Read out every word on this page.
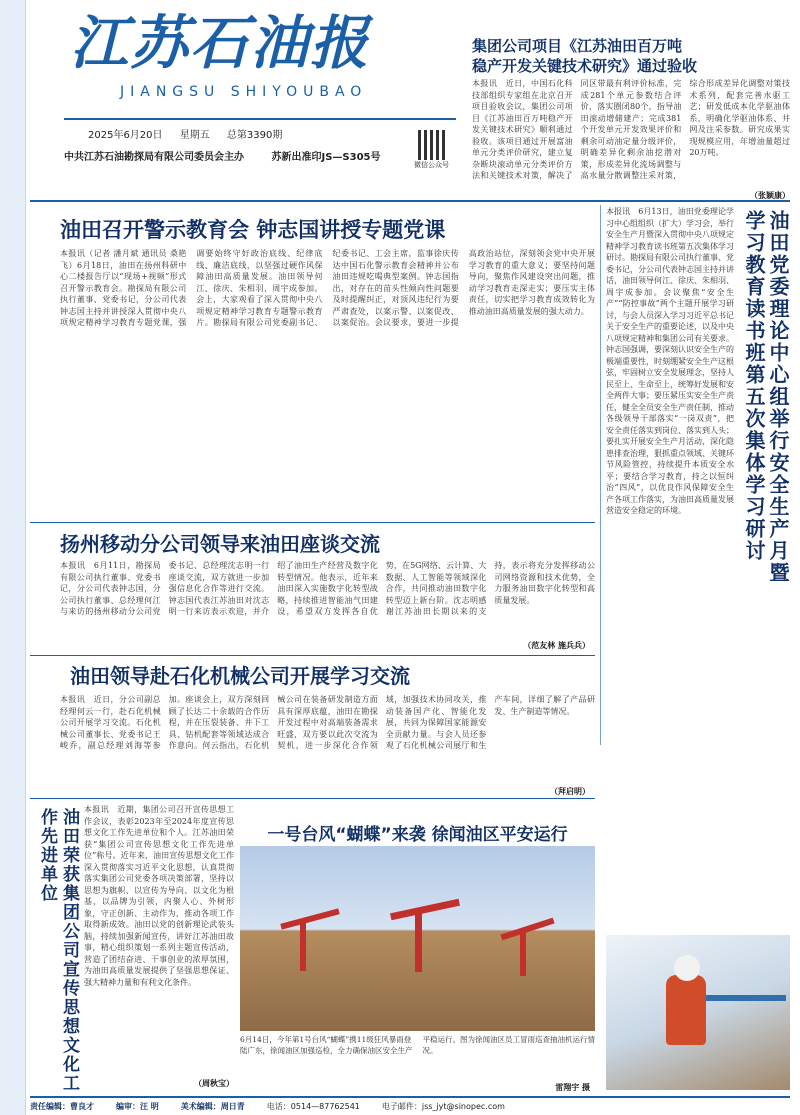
江苏石油报
JIANGSU SHIYOUBAO
2025年6月20日 星期五 总第3390期
微信公众号
中共江苏石油勘探局有限公司委员会主办	苏新出准印JS—S305号
集团公司项目《江苏油田百万吨
稳产开发关键技术研究》通过验收
本报讯　近日，中国石化科技部组织专家组在北京召开项目验收会议，集团公司项目《江苏油田百万吨稳产开发关键技术研究》顺利通过验收。该项目通过开展富油单元分类评价研究，建立复杂断块滚动单元分类评价方法和关键技术对策，解决了同区带最有利评价标准，完成281个单元参数结合评价，落实圈闭80个，指导油田滚动增储建产；完成381个开发单元开发效果评价和剩余可动油定量分级评价，明确差异化剩余油挖潜对策，形成差异化流场调整与高水量分散调整注采对策，综合形成差异化调整对策技术系列，配套完善水驱工艺；研发低成本化学驱油体系，明确化学驱油体系、井网及注采参数。研究成果实现规模应用，年增油量超过20万吨。
（张颖康）
油田召开警示教育会 钟志国讲授专题党课
本报讯（记者 潘月斌 通讯员 桑艳飞）6月18日，油田在扬州科研中心二楼报告厅以“现场+视频”形式召开警示教育会。勘探局有限公司执行董事、党委书记，分公司代表钟志国主持并讲授深入贯彻中央八项规定精神学习教育专题党课，强调要始终守好政治底线、纪律底线、廉洁底线，以坚强过硬作风保障油田高质量发展。油田领导何江、徐庆、朱相羽、周宇成参加。会上，大家观看了深入贯彻中央八项规定精神学习教育专题警示教育片。勘探局有限公司党委副书记、纪委书记、工会主席，监事徐庆传达中国石化警示教育会精神并公布油田违规吃喝典型案例。钟志国指出，对存在的苗头性倾向性问题要及时提醒纠正，对顶风违纪行为要严肃查处，以案示警、以案促改、以案促治。会议要求，要进一步提高政治站位，深刻领会党中央开展学习教育的重大意义；要坚持问题导向，聚焦作风建设突出问题，推动学习教育走深走实；要压实主体责任，切实把学习教育成效转化为推动油田高质量发展的强大动力。	油田党委理论中心组举行安全生产月暨学习教育读书班第五次集体学习研讨
本报讯　6月13日，油田党委理论学习中心组组织（扩大）学习会，举行安全生产月暨深入贯彻中央八项规定精神学习教育读书班第五次集体学习研讨。勘探局有限公司执行董事、党委书记，分公司代表钟志国主持并讲话，油田领导何江、徐庆、朱相羽、周宇成参加。会议聚焦“安全生产”“防控事故”两个主题开展学习研讨，与会人员深入学习习近平总书记关于安全生产的重要论述，以及中央八项规定精神和集团公司有关要求。钟志国强调，要深刻认识安全生产的极端重要性，时刻绷紧安全生产这根弦，牢固树立安全发展理念，坚持人民至上、生命至上，统筹好发展和安全两件大事；要压紧压实安全生产责任，健全全员安全生产责任制，推动各级领导干部落实“一岗双责”，把安全责任落实到岗位、落实到人头；要扎实开展安全生产月活动，深化隐患排查治理，狠抓重点领域、关键环节风险管控，持续提升本质安全水平；要结合学习教育，持之以恒纠治“四风”，以优良作风保障安全生产各项工作落实，为油田高质量发展营造安全稳定的环境。
扬州移动分公司领导来油田座谈交流
本报讯　6月11日，勘探局有限公司执行董事、党委书记，分公司代表钟志国，分公司执行董事、总经理何江与来访的扬州移动分公司党委书记、总经理沈志明一行座谈交流，双方就进一步加强信息化合作等进行交流。钟志国代表江苏油田对沈志明一行来访表示欢迎，并介绍了油田生产经营及数字化转型情况。他表示，近年来油田深入实施数字化转型战略，持续推进智能油气田建设，希望双方发挥各自优势，在5G网络、云计算、大数据、人工智能等领域深化合作，共同推动油田数字化转型迈上新台阶。沈志明感谢江苏油田长期以来的支持，表示将充分发挥移动公司网络资源和技术优势，全力服务油田数字化转型和高质量发展。
（范友林 施兵兵）
油田领导赴石化机械公司开展学习交流
本报讯　近日，分公司副总经理何云一行，赴石化机械公司开展学习交流。石化机械公司董事长、党委书记王峻乔，副总经理刘海等参加。座谈会上，双方深刻回顾了长达二十余载的合作历程，并在压裂装备、井下工具、钻机配套等领域达成合作意向。何云指出，石化机械公司在装备研发制造方面具有深厚底蕴，油田在勘探开发过程中对高端装备需求旺盛，双方要以此次交流为契机，进一步深化合作领域，加强技术协同攻关，推动装备国产化、智能化发展，共同为保障国家能源安全贡献力量。与会人员还参观了石化机械公司展厅和生产车间，详细了解了产品研发、生产制造等情况。
（拜启明）
油田荣获集团公司宣传思想文化工作先进单位	本报讯　近期，集团公司召开宣传思想工作会议，表彰2023年至2024年度宣传思想文化工作先进单位和个人。江苏油田荣获“集团公司宣传思想文化工作先进单位”称号。近年来，油田宣传思想文化工作深入贯彻落实习近平文化思想，认真贯彻落实集团公司党委各项决策部署，坚持以思想为旗帜、以宣传为导向、以文化为根基，以品牌为引领，内聚人心、外树形象，守正创新、主动作为，推动各项工作取得新成效。油田以党的创新理论武装头脑，持续加强新闻宣传，讲好江苏油田故事，精心组织策划一系列主题宣传活动，营造了团结奋进、干事创业的浓厚氛围，为油田高质量发展提供了坚强思想保证、强大精神力量和有利文化条件。
（周秋宝）
一号台风“蝴蝶”来袭 徐闻油区平安运行
6月14日，今年第1号台风“蝴蝶”携11级狂风暴雨登陆广东，徐闻油区加强巡检，全力确保油区安全生产平稳运行。图为徐闻油区员工冒雨巡查抽油机运行情况。
雷翔宇 摄
责任编辑：曹良才	编审：汪 明	美术编辑：周日青	电话：0514—87762541	电子邮件：jss_jyt@sinopec.com
